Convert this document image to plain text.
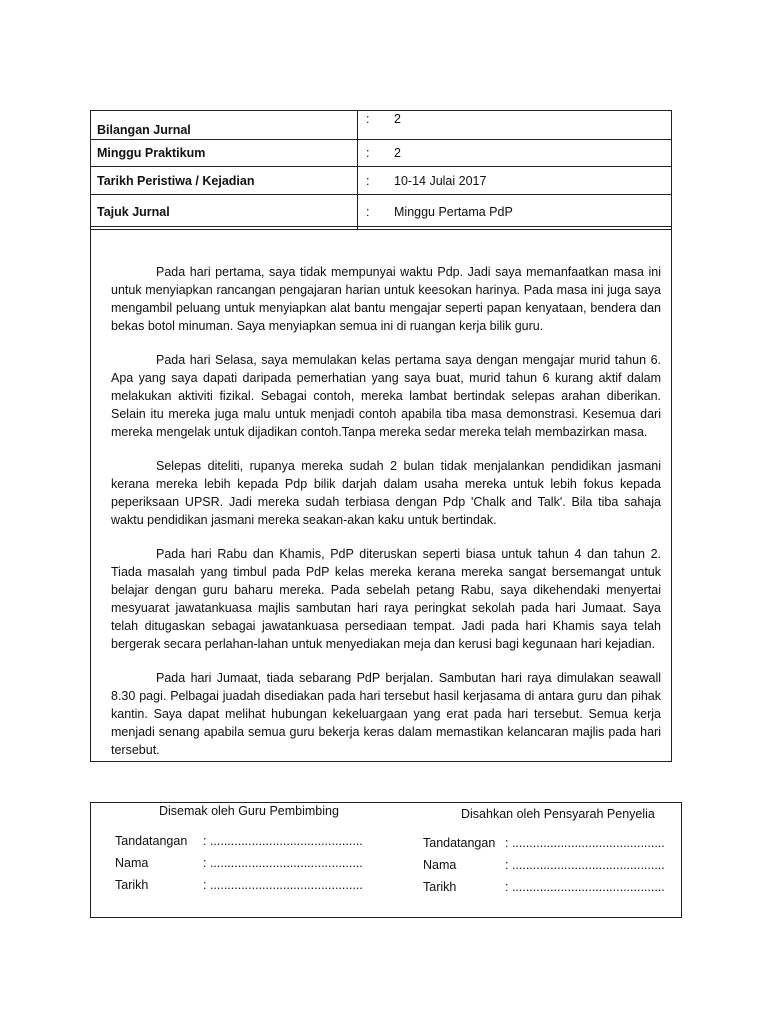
Bilangan Jurnal	: 2
Minggu Praktikum	: 2
Tarikh Peristiwa / Kejadian	: 10-14 Julai 2017
Tajuk Jurnal	: Minggu Pertama PdP

Pada hari pertama, saya tidak mempunyai waktu Pdp. Jadi saya memanfaatkan masa ini untuk menyiapkan rancangan pengajaran harian untuk keesokan harinya. Pada masa ini juga saya mengambil peluang untuk menyiapkan alat bantu mengajar seperti papan kenyataan, bendera dan bekas botol minuman. Saya menyiapkan semua ini di ruangan kerja bilik guru.

Pada hari Selasa, saya memulakan kelas pertama saya dengan mengajar murid tahun 6. Apa yang saya dapati daripada pemerhatian yang saya buat, murid tahun 6 kurang aktif dalam melakukan aktiviti fizikal. Sebagai contoh, mereka lambat bertindak selepas arahan diberikan. Selain itu mereka juga malu untuk menjadi contoh apabila tiba masa demonstrasi. Kesemua dari mereka mengelak untuk dijadikan contoh.Tanpa mereka sedar mereka telah membazirkan masa.

Selepas diteliti, rupanya mereka sudah 2 bulan tidak menjalankan pendidikan jasmani kerana mereka lebih kepada Pdp bilik darjah dalam usaha mereka untuk lebih fokus kepada peperiksaan UPSR. Jadi mereka sudah terbiasa dengan Pdp 'Chalk and Talk'. Bila tiba sahaja waktu pendidikan jasmani mereka seakan-akan kaku untuk bertindak.

Pada hari Rabu dan Khamis, PdP diteruskan seperti biasa untuk tahun 4 dan tahun 2. Tiada masalah yang timbul pada PdP kelas mereka kerana mereka sangat bersemangat untuk belajar dengan guru baharu mereka. Pada sebelah petang Rabu, saya dikehendaki menyertai mesyuarat jawatankuasa majlis sambutan hari raya peringkat sekolah pada hari Jumaat. Saya telah ditugaskan sebagai jawatankuasa persediaan tempat. Jadi pada hari Khamis saya telah bergerak secara perlahan-lahan untuk menyediakan meja dan kerusi bagi kegunaan hari kejadian.

Pada hari Jumaat, tiada sebarang PdP berjalan. Sambutan hari raya dimulakan seawall 8.30 pagi. Pelbagai juadah disediakan pada hari tersebut hasil kerjasama di antara guru dan pihak kantin. Saya dapat melihat hubungan kekeluargaan yang erat pada hari tersebut. Semua kerja menjadi senang apabila semua guru bekerja keras dalam memastikan kelancaran majlis pada hari tersebut.

Disemak oleh Guru Pembimbing
Tandatangan : ............................................
Nama	: ............................................
Tarikh	: ............................................
Disahkan oleh Pensyarah Penyelia
Tandatangan : ............................................
Nama	: ............................................
Tarikh	: ............................................
